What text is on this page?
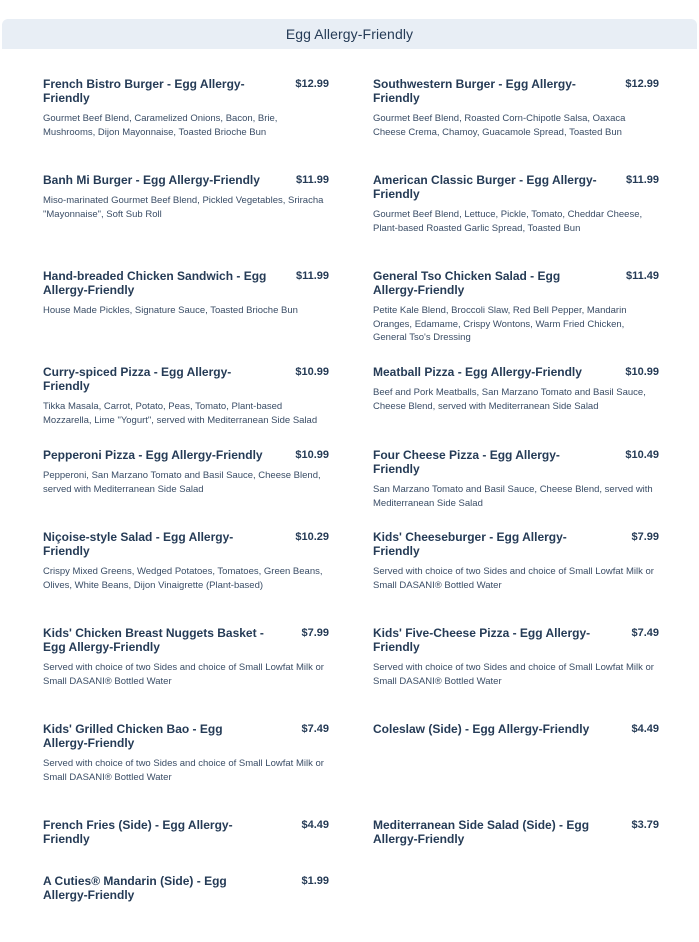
Egg Allergy-Friendly
French Bistro Burger - Egg Allergy-Friendly
$12.99
Gourmet Beef Blend, Caramelized Onions, Bacon, Brie, Mushrooms, Dijon Mayonnaise, Toasted Brioche Bun
Southwestern Burger - Egg Allergy-Friendly
$12.99
Gourmet Beef Blend, Roasted Corn-Chipotle Salsa, Oaxaca Cheese Crema, Chamoy, Guacamole Spread, Toasted Bun
Banh Mi Burger - Egg Allergy-Friendly	$11.99
Miso-marinated Gourmet Beef Blend, Pickled Vegetables, Sriracha "Mayonnaise", Soft Sub Roll
American Classic Burger - Egg Allergy-Friendly
$11.99
Gourmet Beef Blend, Lettuce, Pickle, Tomato, Cheddar Cheese, Plant-based Roasted Garlic Spread, Toasted Bun
Hand-breaded Chicken Sandwich - Egg Allergy-Friendly
$11.99
House Made Pickles, Signature Sauce, Toasted Brioche Bun
General Tso Chicken Salad - Egg Allergy-Friendly
$11.49
Petite Kale Blend, Broccoli Slaw, Red Bell Pepper, Mandarin Oranges, Edamame, Crispy Wontons, Warm Fried Chicken, General Tso's Dressing
Curry-spiced Pizza - Egg Allergy-Friendly
$10.99
Tikka Masala, Carrot, Potato, Peas, Tomato, Plant-based Mozzarella, Lime "Yogurt", served with Mediterranean Side Salad
Meatball Pizza - Egg Allergy-Friendly	$10.99
Beef and Pork Meatballs, San Marzano Tomato and Basil Sauce, Cheese Blend, served with Mediterranean Side Salad
Pepperoni Pizza - Egg Allergy-Friendly	$10.99
Pepperoni, San Marzano Tomato and Basil Sauce, Cheese Blend, served with Mediterranean Side Salad
Four Cheese Pizza - Egg Allergy-Friendly
$10.49
San Marzano Tomato and Basil Sauce, Cheese Blend, served with Mediterranean Side Salad
Niçoise-style Salad - Egg Allergy-Friendly
$10.29
Crispy Mixed Greens, Wedged Potatoes, Tomatoes, Green Beans, Olives, White Beans, Dijon Vinaigrette (Plant-based)
Kids' Cheeseburger - Egg Allergy-Friendly
$7.99
Served with choice of two Sides and choice of Small Lowfat Milk or Small DASANI® Bottled Water
Kids' Chicken Breast Nuggets Basket - Egg Allergy-Friendly
$7.99
Served with choice of two Sides and choice of Small Lowfat Milk or Small DASANI® Bottled Water
Kids' Five-Cheese Pizza - Egg Allergy-Friendly
$7.49
Served with choice of two Sides and choice of Small Lowfat Milk or Small DASANI® Bottled Water
Kids' Grilled Chicken Bao - Egg Allergy-Friendly
$7.49
Served with choice of two Sides and choice of Small Lowfat Milk or Small DASANI® Bottled Water
Coleslaw (Side) - Egg Allergy-Friendly	$4.49
French Fries (Side) - Egg Allergy-Friendly
$4.49	Mediterranean Side Salad (Side) - Egg Allergy-Friendly
$3.79
A Cuties® Mandarin (Side) - Egg Allergy-Friendly
$1.99
